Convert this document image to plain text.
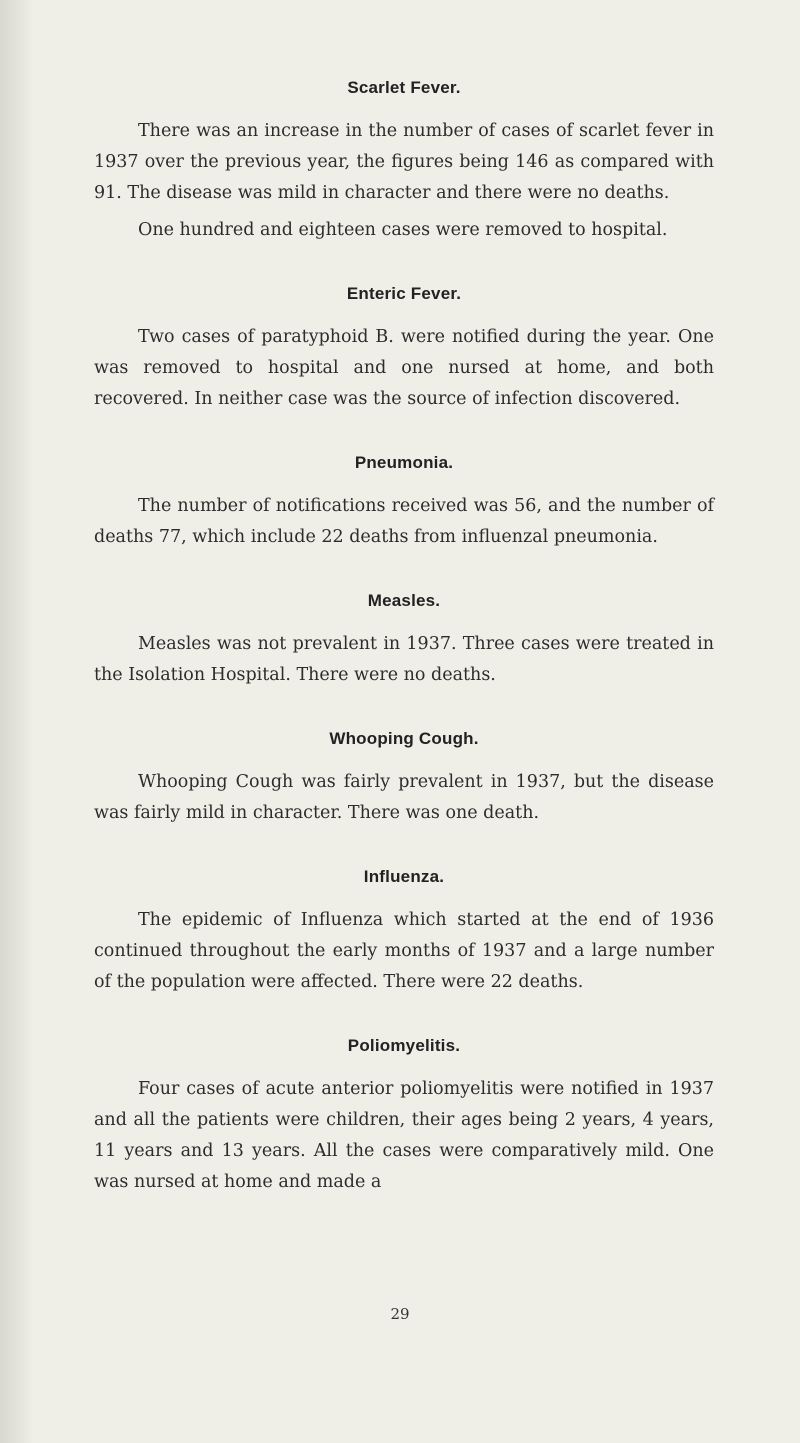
Scarlet Fever.

There was an increase in the number of cases of scarlet fever in 1937 over the previous year, the figures being 146 as compared with 91. The disease was mild in character and there were no deaths.

One hundred and eighteen cases were removed to hospital.

Enteric Fever.

Two cases of paratyphoid B. were notified during the year. One was removed to hospital and one nursed at home, and both recovered. In neither case was the source of infection discovered.

Pneumonia.

The number of notifications received was 56, and the number of deaths 77, which include 22 deaths from influenzal pneumonia.

Measles.

Measles was not prevalent in 1937. Three cases were treated in the Isolation Hospital. There were no deaths.

Whooping Cough.

Whooping Cough was fairly prevalent in 1937, but the disease was fairly mild in character. There was one death.

Influenza.

The epidemic of Influenza which started at the end of 1936 continued throughout the early months of 1937 and a large number of the population were affected. There were 22 deaths.

Poliomyelitis.

Four cases of acute anterior poliomyelitis were notified in 1937 and all the patients were children, their ages being 2 years, 4 years, 11 years and 13 years. All the cases were comparatively mild. One was nursed at home and made a

29
